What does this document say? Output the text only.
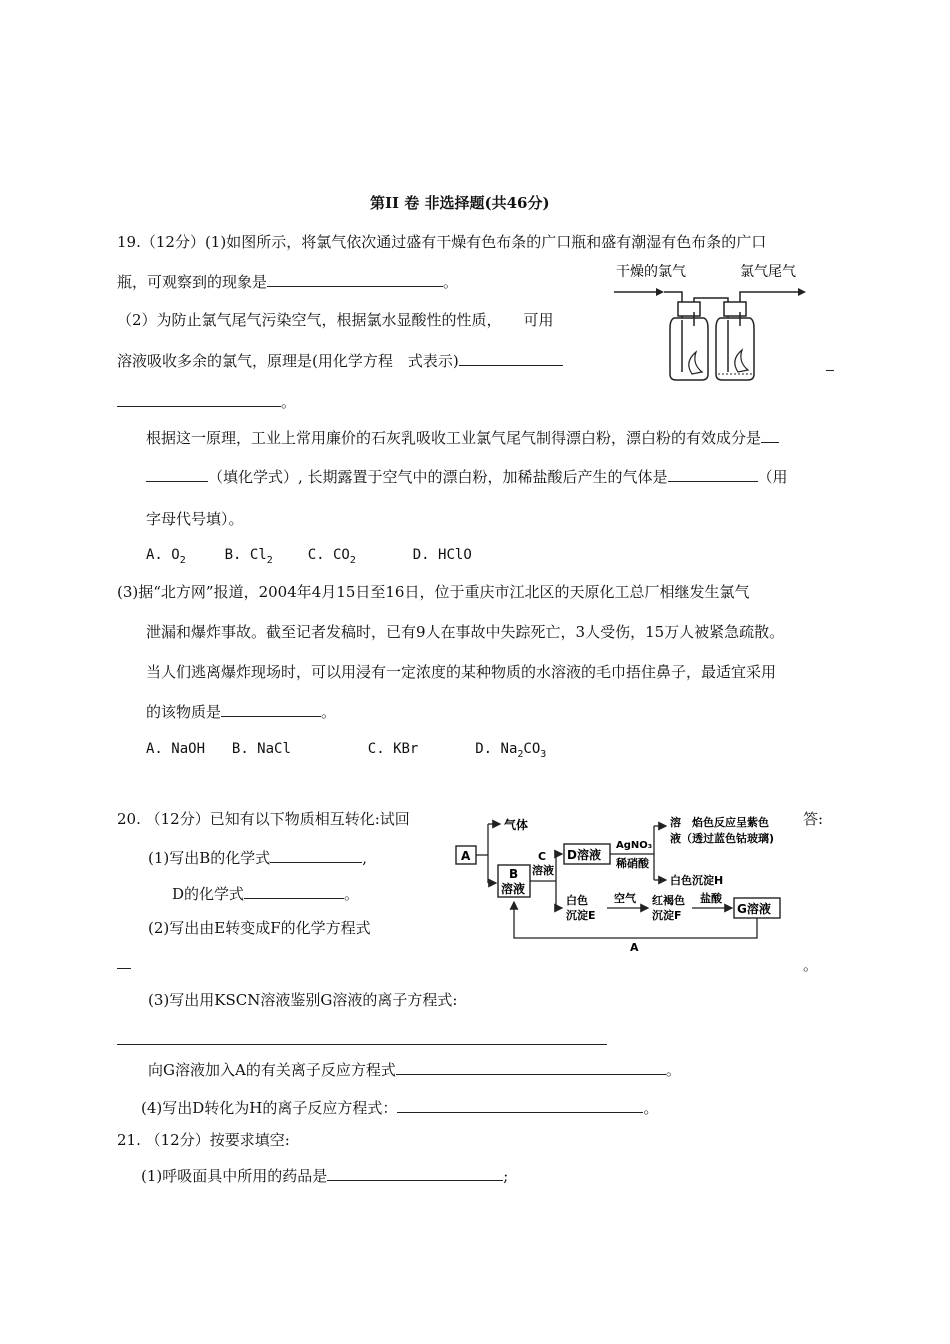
第II 卷 非选择题(共46分)
19.（12分）(1)如图所示，将氯气依次通过盛有干燥有色布条的广口瓶和盛有潮湿有色布条的广口
瓶，可观察到的现象是	。
（2）为防止氯气尾气污染空气，根据氯水显酸性的性质， 可用
溶液吸收多余的氯气，原理是(用化学方程　式表示)
。
根据这一原理，工业上常用廉价的石灰乳吸收工业氯气尾气制得漂白粉，漂白粉的有效成分是
（填化学式）, 长期露置于空气中的漂白粉，加稀盐酸后产生的气体是	（用
字母代号填）。
A. $O_2$	B. $Cl_2$ C. $CO_2$	D. HClO
(3)据“北方网”报道，2004年4月15日至16日，位于重庆市江北区的天原化工总厂相继发生氯气
泄漏和爆炸事故。截至记者发稿时，已有9人在事故中失踪死亡，3人受伤，15万人被紧急疏散。
当人们逃离爆炸现场时，可以用浸有一定浓度的某种物质的水溶液的毛巾捂住鼻子，最适宜采用
的该物质是	。
A. NaOH B. NaCl	C. KBr	D. $Na_2CO_3$
干燥的氯气	氯气尾气
20. （12分）已知有以下物质相互转化:试回	答:
(1)写出B的化学式	,
D的化学式	。
(2)写出由E转变成F的化学方程式
。
(3)写出用KSCN溶液鉴别G溶液的离子方程式:
向G溶液加入A的有关离子反应方程式	。
(4)写出D转化为H的离子反应方程式：	。
A
气体
B
溶液
C
溶液
D溶液
AgNO₃
稀硝酸
溶　焰色反应呈紫色
液（透过蓝色钴玻璃)
白色沉淀H
白色
沉淀E
空气 红褐色
沉淀F
盐酸
G溶液
A
21. （12分）按要求填空:
(1)呼吸面具中所用的药品是	;
